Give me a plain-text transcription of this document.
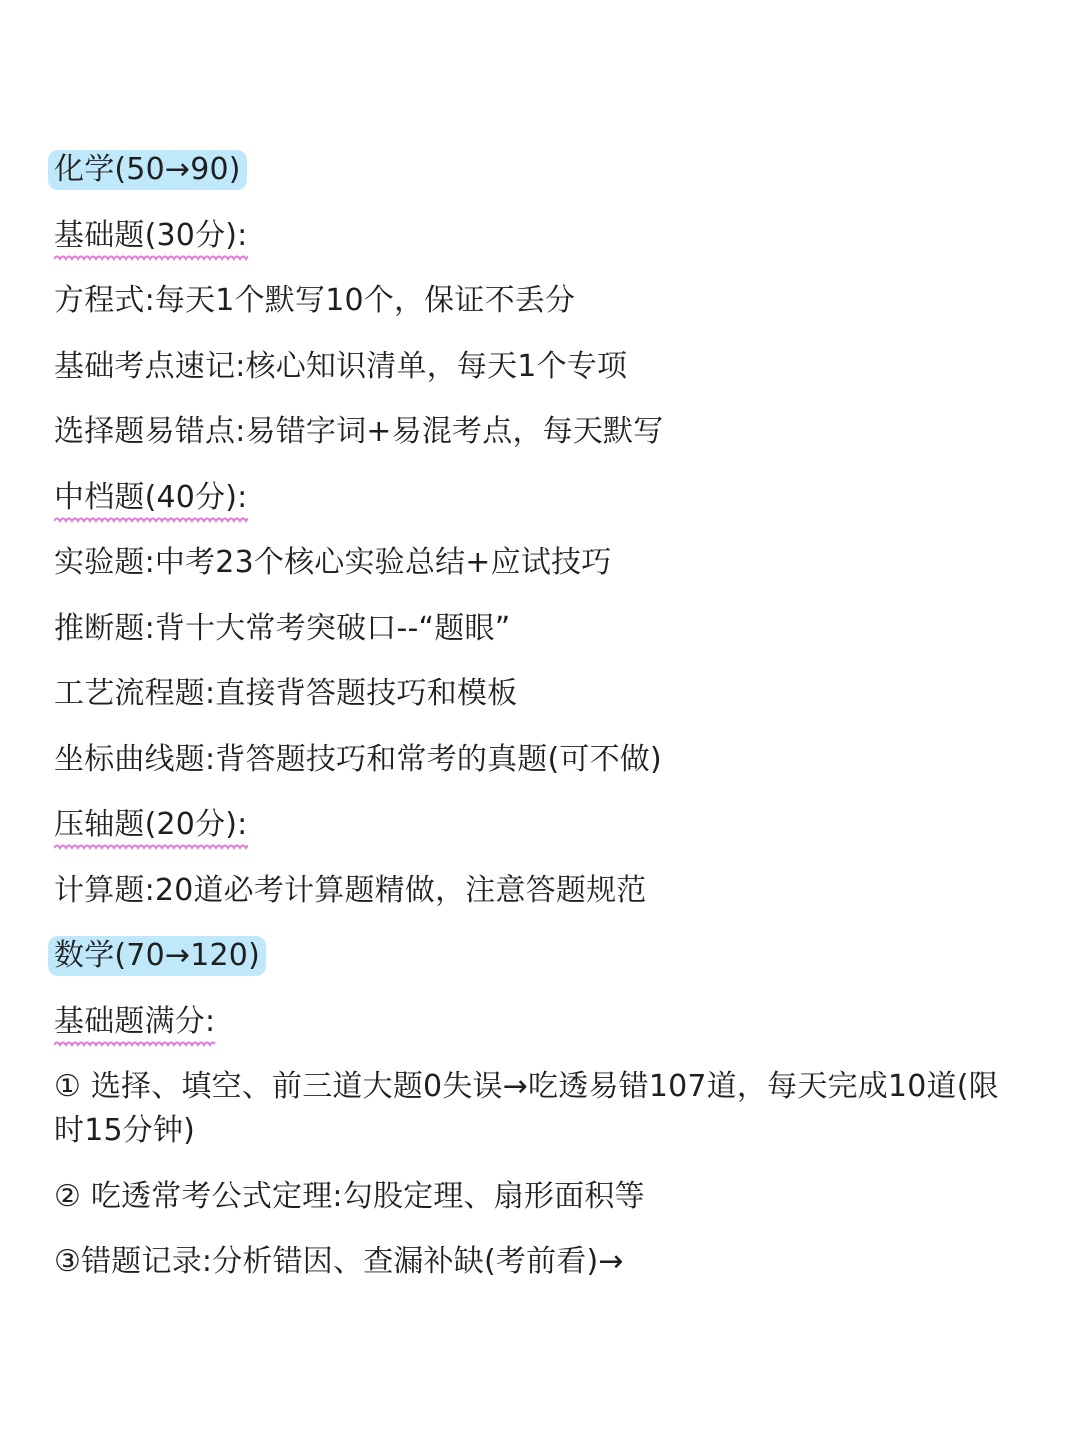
化学(50→90)
基础题(30分):
方程式:每天1个默写10个，保证不丢分
基础考点速记:核心知识清单，每天1个专项
选择题易错点:易错字词+易混考点，每天默写
中档题(40分):
实验题:中考23个核心实验总结+应试技巧
推断题:背十大常考突破口--“题眼”
工艺流程题:直接背答题技巧和模板
坐标曲线题:背答题技巧和常考的真题(可不做)
压轴题(20分):
计算题:20道必考计算题精做，注意答题规范
数学(70→120)
基础题满分:
① 选择、填空、前三道大题0失误→吃透易错107道，每天完成10道(限时15分钟)
② 吃透常考公式定理:勾股定理、扇形面积等
③错题记录:分析错因、查漏补缺(考前看)→
